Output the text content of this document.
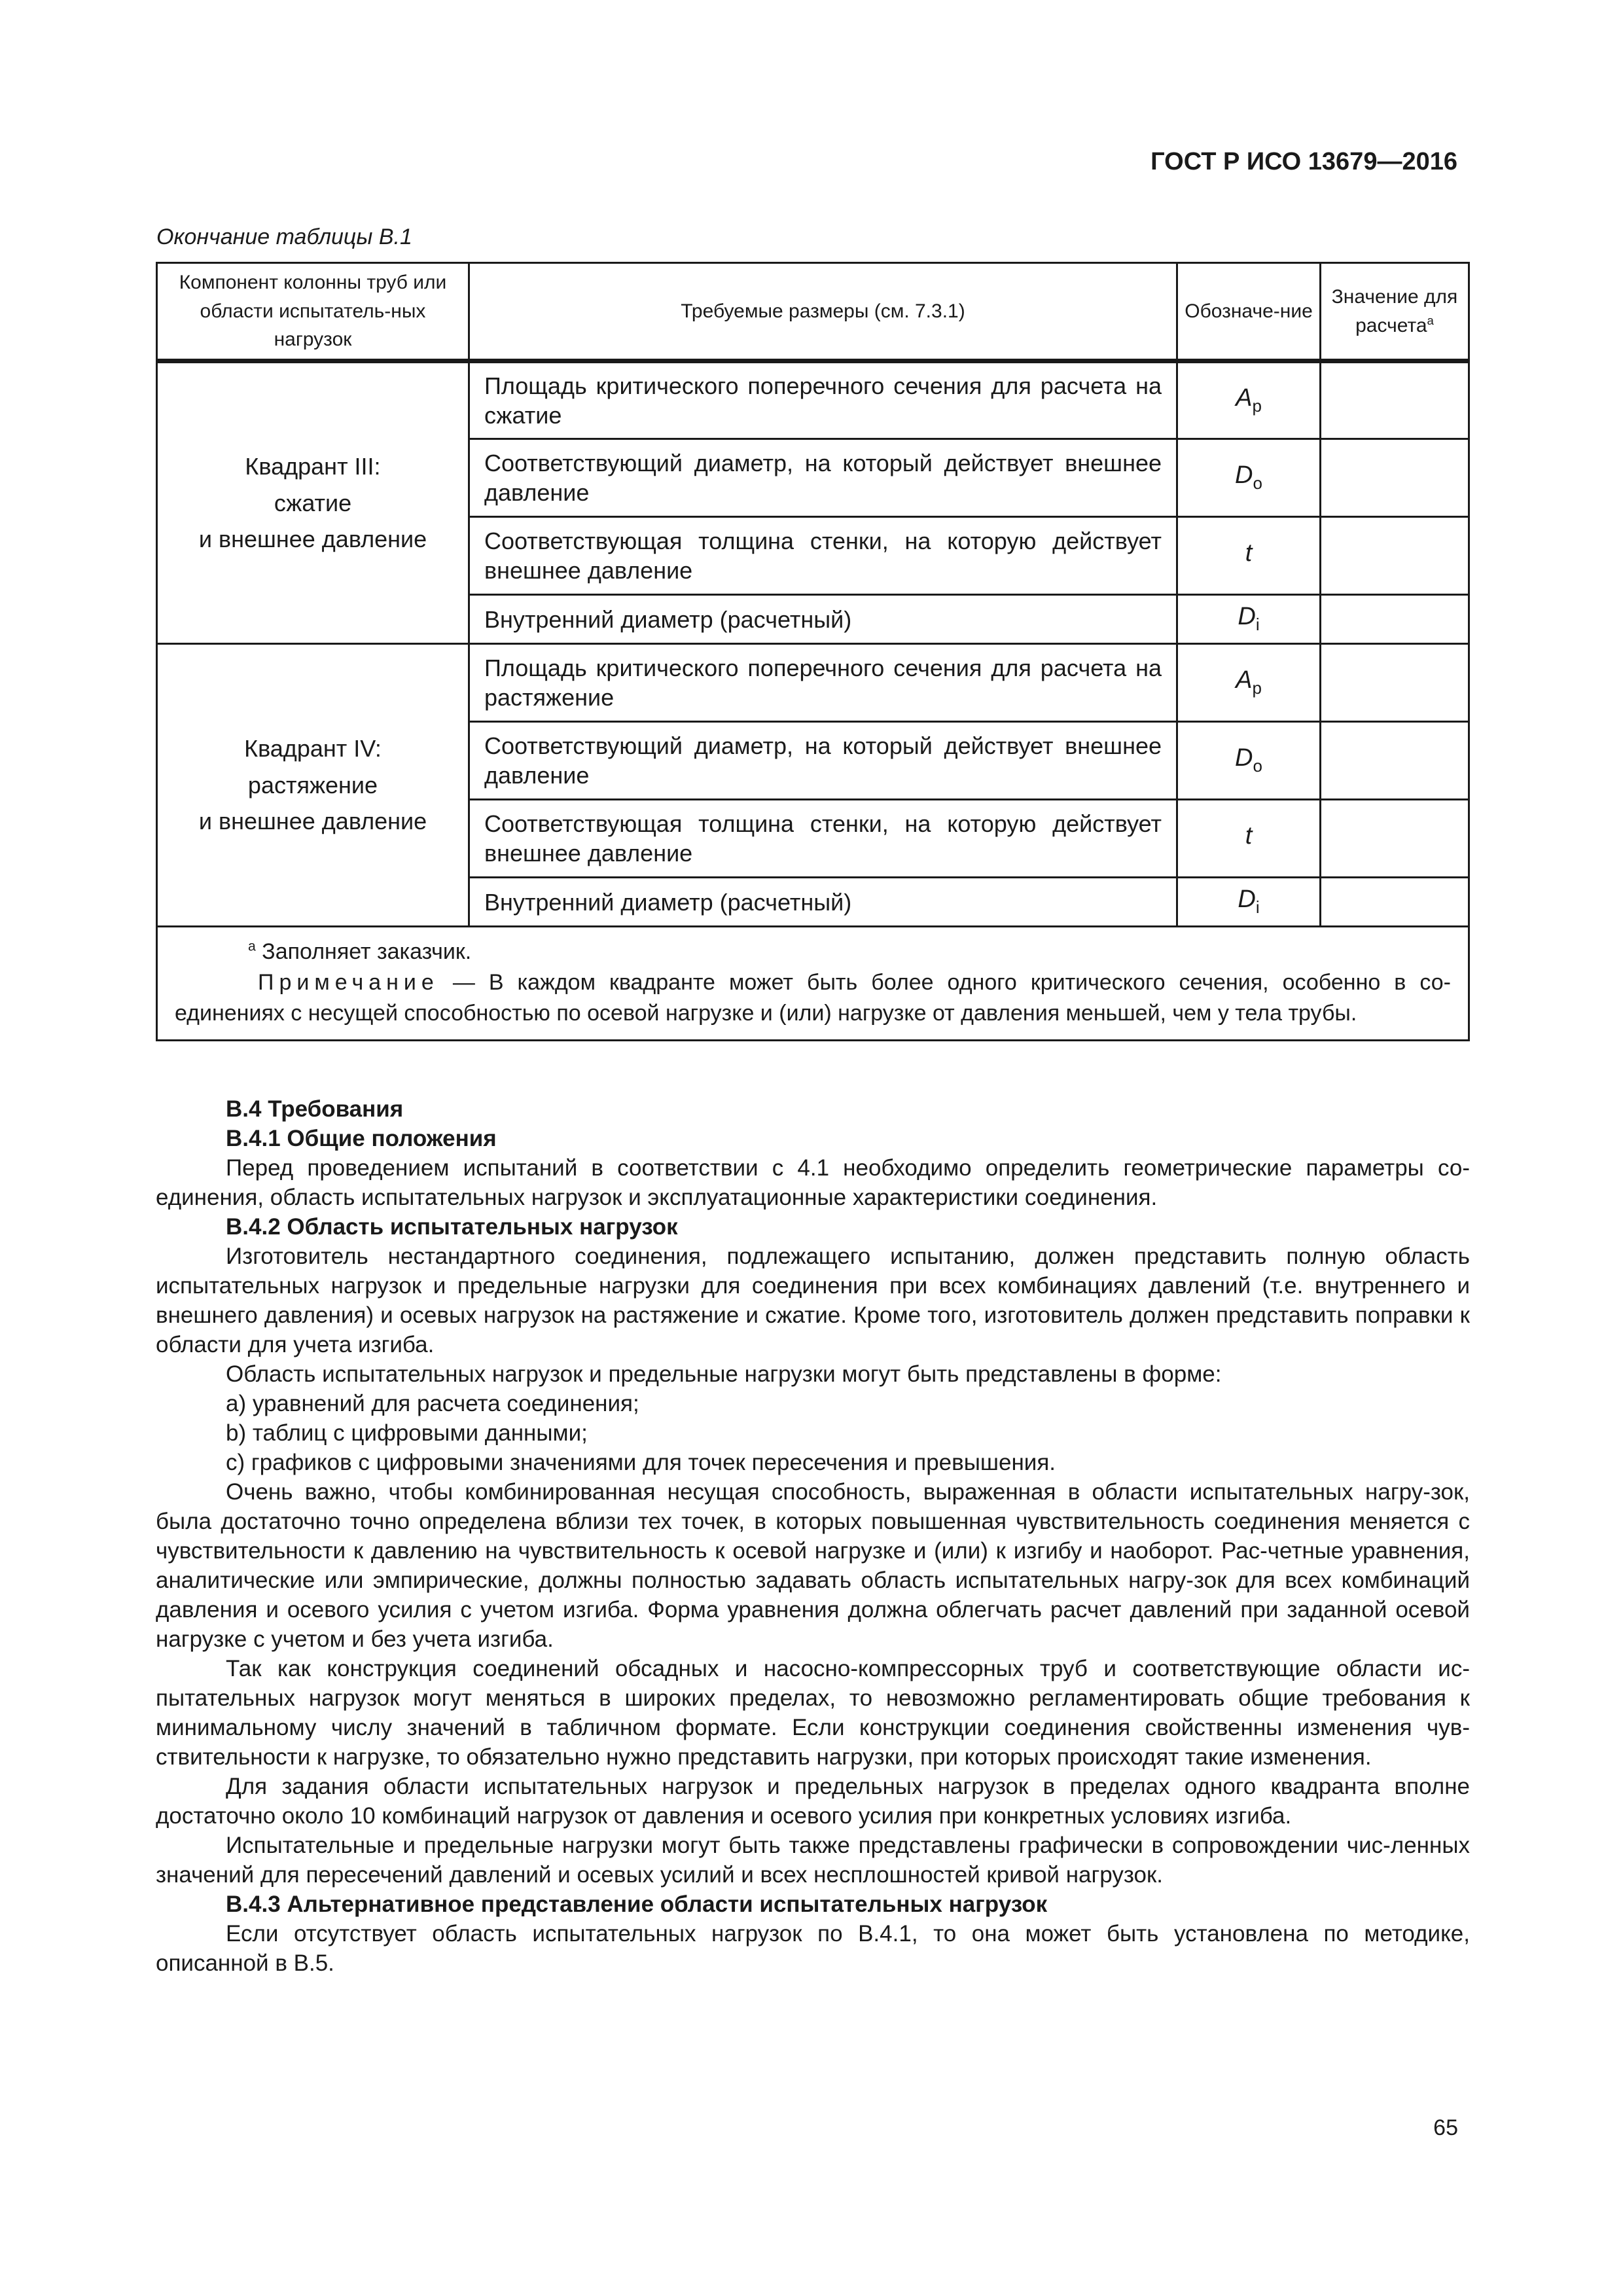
ГОСТ Р ИСО 13679—2016
Окончание таблицы В.1
Компонент колонны труб или области испытатель-ных нагрузок	Требуемые размеры (см. 7.3.1)	Обозначе-ние	Значение для расчета$^a$

Квадрант III:
сжатие
и внешнее давление	Площадь критического поперечного сечения для расчета на сжатие	$A_p$	
	Соответствующий диаметр, на который действует внешнее давление	$D_o$	
	Соответствующая толщина стенки, на которую действует внешнее давление	t	
	Внутренний диаметр (расчетный)	$D_i$	

Квадрант IV:
растяжение
и внешнее давление	Площадь критического поперечного сечения для расчета на растяжение	$A_p$	
	Соответствующий диаметр, на который действует внешнее давление	$D_o$	
	Соответствующая толщина стенки, на которую действует внешнее давление	t	
	Внутренний диаметр (расчетный)	$D_i$	

$^a$ Заполняет заказчик.

Примечание — В каждом квадранте может быть более одного критического сечения, особенно в со-единениях с несущей способностью по осевой нагрузке и (или) нагрузке от давления меньшей, чем у тела трубы.			

В.4 Требования

В.4.1 Общие положения

Перед проведением испытаний в соответствии с 4.1 необходимо определить геометрические параметры со-единения, область испытательных нагрузок и эксплуатационные характеристики соединения.

В.4.2 Область испытательных нагрузок

Изготовитель нестандартного соединения, подлежащего испытанию, должен представить полную область испытательных нагрузок и предельные нагрузки для соединения при всех комбинациях давлений (т.е. внутреннего и внешнего давления) и осевых нагрузок на растяжение и сжатие. Кроме того, изготовитель должен представить поправки к области для учета изгиба.

Область испытательных нагрузок и предельные нагрузки могут быть представлены в форме:

a) уравнений для расчета соединения;

b) таблиц с цифровыми данными;

c) графиков с цифровыми значениями для точек пересечения и превышения.

Очень важно, чтобы комбинированная несущая способность, выраженная в области испытательных нагру-зок, была достаточно точно определена вблизи тех точек, в которых повышенная чувствительность соединения меняется с чувствительности к давлению на чувствительность к осевой нагрузке и (или) к изгибу и наоборот. Рас-четные уравнения, аналитические или эмпирические, должны полностью задавать область испытательных нагру-зок для всех комбинаций давления и осевого усилия с учетом изгиба. Форма уравнения должна облегчать расчет давлений при заданной осевой нагрузке с учетом и без учета изгиба.

Так как конструкция соединений обсадных и насосно-компрессорных труб и соответствующие области ис-пытательных нагрузок могут меняться в широких пределах, то невозможно регламентировать общие требования к минимальному числу значений в табличном формате. Если конструкции соединения свойственны изменения чув-ствительности к нагрузке, то обязательно нужно представить нагрузки, при которых происходят такие изменения.

Для задания области испытательных нагрузок и предельных нагрузок в пределах одного квадранта вполне достаточно около 10 комбинаций нагрузок от давления и осевого усилия при конкретных условиях изгиба.

Испытательные и предельные нагрузки могут быть также представлены графически в сопровождении чис-ленных значений для пересечений давлений и осевых усилий и всех несплошностей кривой нагрузок.

В.4.3 Альтернативное представление области испытательных нагрузок

Если отсутствует область испытательных нагрузок по В.4.1, то она может быть установлена по методике, описанной в В.5.

65
